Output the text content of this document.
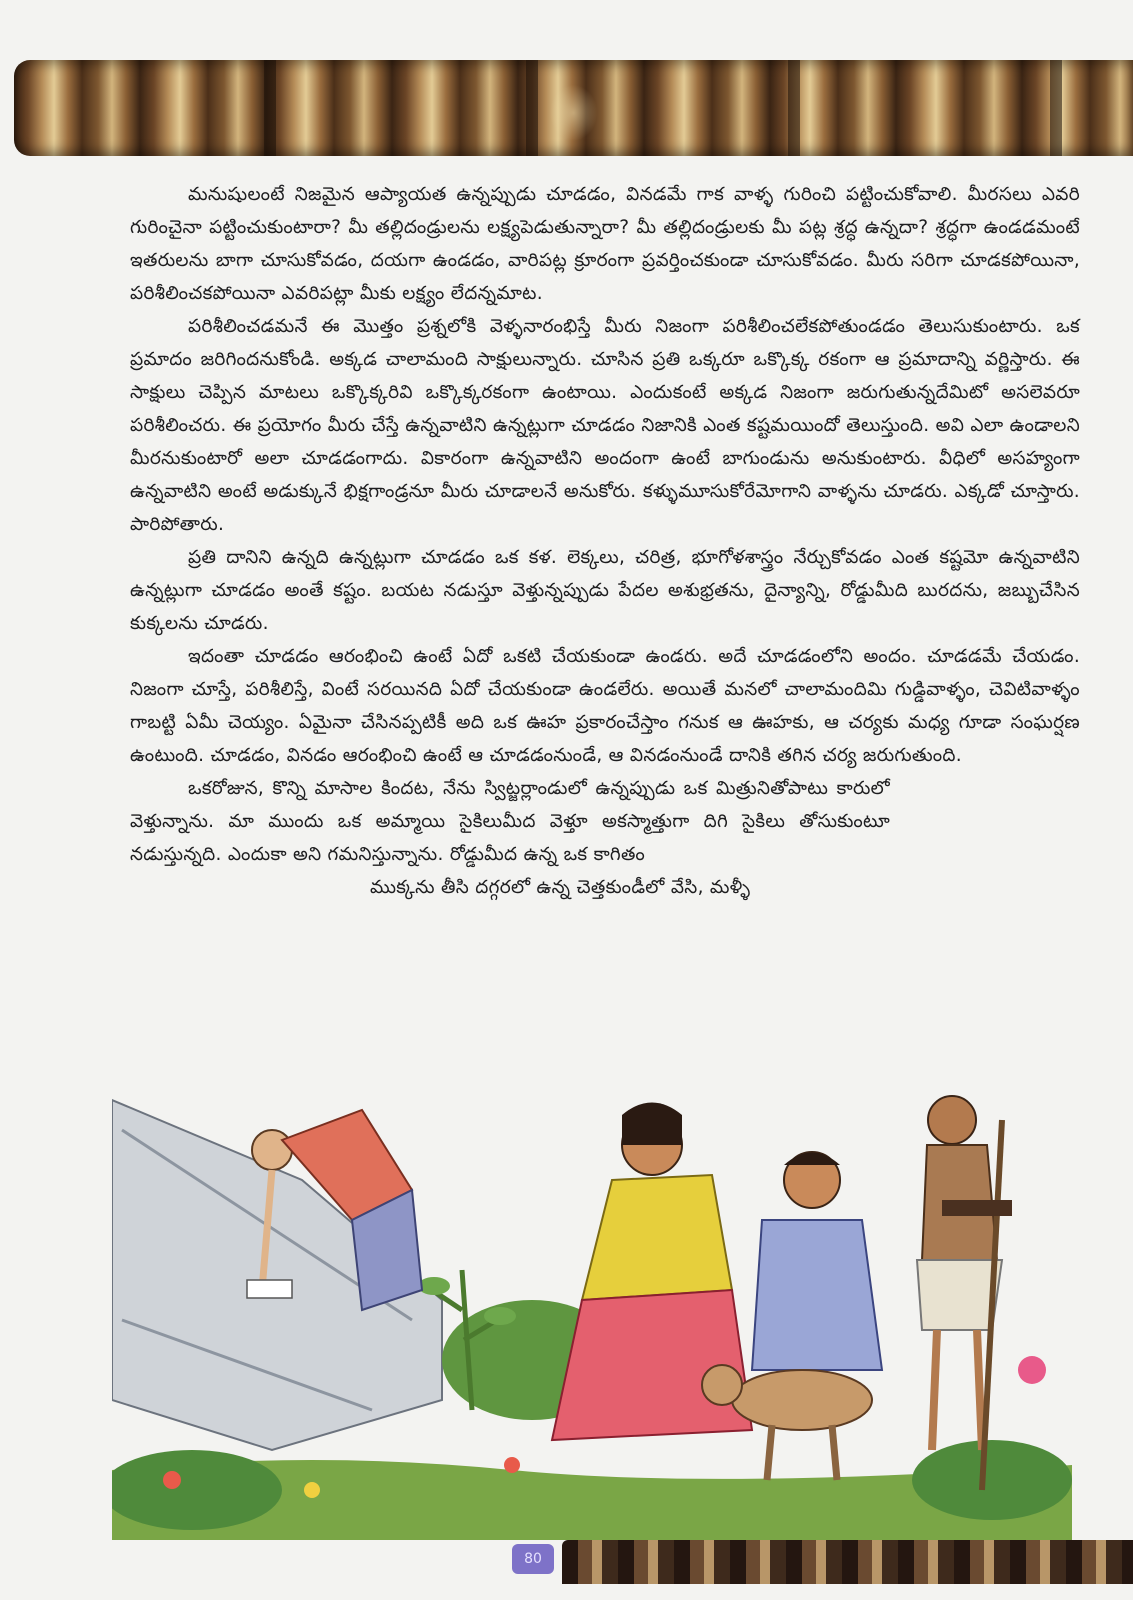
మనుషులంటే నిజమైన ఆప్యాయత ఉన్నప్పుడు చూడడం, వినడమే గాక వాళ్ళ గురించి పట్టించుకోవాలి. మీరసలు ఎవరి గురించైనా పట్టించుకుంటారా? మీ తల్లిదండ్రులను లక్ష్యపెడుతున్నారా? మీ తల్లిదండ్రులకు మీ పట్ల శ్రద్ధ ఉన్నదా? శ్రద్ధగా ఉండడమంటే ఇతరులను బాగా చూసుకోవడం, దయగా ఉండడం, వారిపట్ల క్రూరంగా ప్రవర్తించకుండా చూసుకోవడం. మీరు సరిగా చూడకపోయినా, పరిశీలించకపోయినా ఎవరిపట్లా మీకు లక్ష్యం లేదన్నమాట.

పరిశీలించడమనే ఈ మొత్తం ప్రశ్నలోకి వెళ్ళనారంభిస్తే మీరు నిజంగా పరిశీలించలేకపోతుండడం తెలుసుకుంటారు. ఒక ప్రమాదం జరిగిందనుకోండి. అక్కడ చాలామంది సాక్షులున్నారు. చూసిన ప్రతి ఒక్కరూ ఒక్కొక్క రకంగా ఆ ప్రమాదాన్ని వర్ణిస్తారు. ఈ సాక్షులు చెప్పిన మాటలు ఒక్కొక్కరివి ఒక్కొక్కరకంగా ఉంటాయి. ఎందుకంటే అక్కడ నిజంగా జరుగుతున్నదేమిటో అసలెవరూ పరిశీలించరు. ఈ ప్రయోగం మీరు చేస్తే ఉన్నవాటిని ఉన్నట్లుగా చూడడం నిజానికి ఎంత కష్టమయిందో తెలుస్తుంది. అవి ఎలా ఉండాలని మీరనుకుంటారో అలా చూడడంగాదు. వికారంగా ఉన్నవాటిని అందంగా ఉంటే బాగుండును అనుకుంటారు. వీధిలో అసహ్యంగా ఉన్నవాటిని అంటే అడుక్కునే భిక్షగాండ్రనూ మీరు చూడాలనే అనుకోరు. కళ్ళుమూసుకోరేమోగాని వాళ్ళను చూడరు. ఎక్కడో చూస్తారు. పారిపోతారు.

ప్రతి దానిని ఉన్నది ఉన్నట్లుగా చూడడం ఒక కళ. లెక్కలు, చరిత్ర, భూగోళశాస్త్రం నేర్చుకోవడం ఎంత కష్టమో ఉన్నవాటిని ఉన్నట్లుగా చూడడం అంతే కష్టం. బయట నడుస్తూ వెళ్తున్నప్పుడు పేదల అశుభ్రతను, దైన్యాన్ని, రోడ్డుమీది బురదను, జబ్బుచేసిన కుక్కలను చూడరు.

ఇదంతా చూడడం ఆరంభించి ఉంటే ఏదో ఒకటి చేయకుండా ఉండరు. అదే చూడడంలోని అందం. చూడడమే చేయడం. నిజంగా చూస్తే, పరిశీలిస్తే, వింటే సరయినది ఏదో చేయకుండా ఉండలేరు. అయితే మనలో చాలామందిమి గుడ్డివాళ్ళం, చెవిటివాళ్ళం గాబట్టి ఏమీ చెయ్యం. ఏమైనా చేసినప్పటికీ అది ఒక ఊహ ప్రకారంచేస్తాం గనుక ఆ ఊహకు, ఆ చర్యకు మధ్య గూడా సంఘర్షణ ఉంటుంది. చూడడం, వినడం ఆరంభించి ఉంటే ఆ చూడడంనుండే, ఆ వినడంనుండే దానికి తగిన చర్య జరుగుతుంది.

ఒకరోజున, కొన్ని మాసాల కిందట, నేను స్విట్జర్లాండులో ఉన్నప్పుడు ఒక మిత్రునితోపాటు కారులో వెళ్తున్నాను. మా ముందు ఒక అమ్మాయి సైకిలుమీద వెళ్తూ అకస్మాత్తుగా దిగి సైకిలు తోసుకుంటూ నడుస్తున్నది. ఎందుకా అని గమనిస్తున్నాను. రోడ్డుమీద ఉన్న ఒక కాగితం

ముక్కను తీసి దగ్గరలో ఉన్న చెత్తకుండీలో వేసి, మళ్ళీ

80
